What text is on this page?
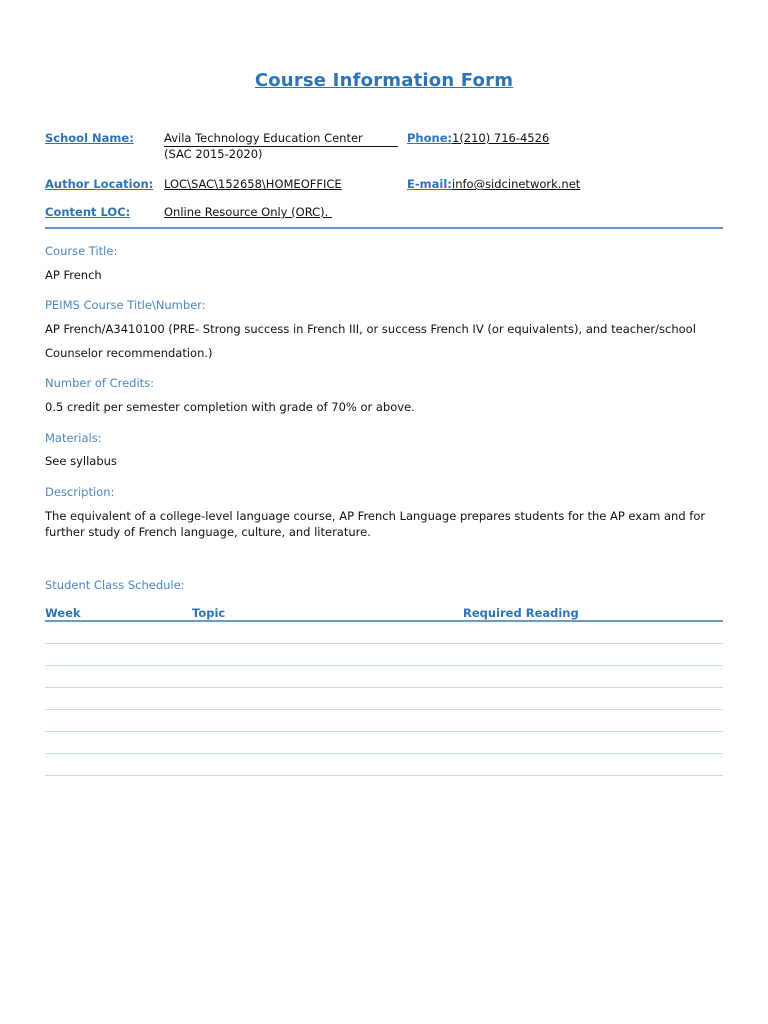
Course Information Form
School Name:	Avila Technology Education Center
(SAC 2015-2020)
Phone: 1(210) 716-4526
Author Location: LOC\SAC\152658\HOMEOFFICE	E-mail: info@sidcinetwork.net
Content LOC:	Online Resource Only (ORC).
Course Title:
AP French
PEIMS Course Title\Number:
AP French/A3410100 (PRE- Strong success in French III, or success French IV (or equivalents), and teacher/school
Counselor recommendation.)
Number of Credits:
0.5 credit per semester completion with grade of 70% or above.
Materials:
See syllabus
Description:
The equivalent of a college-level language course, AP French Language prepares students for the AP exam and for
further study of French language, culture, and literature.
Student Class Schedule:
Week	Topic	Required Reading
